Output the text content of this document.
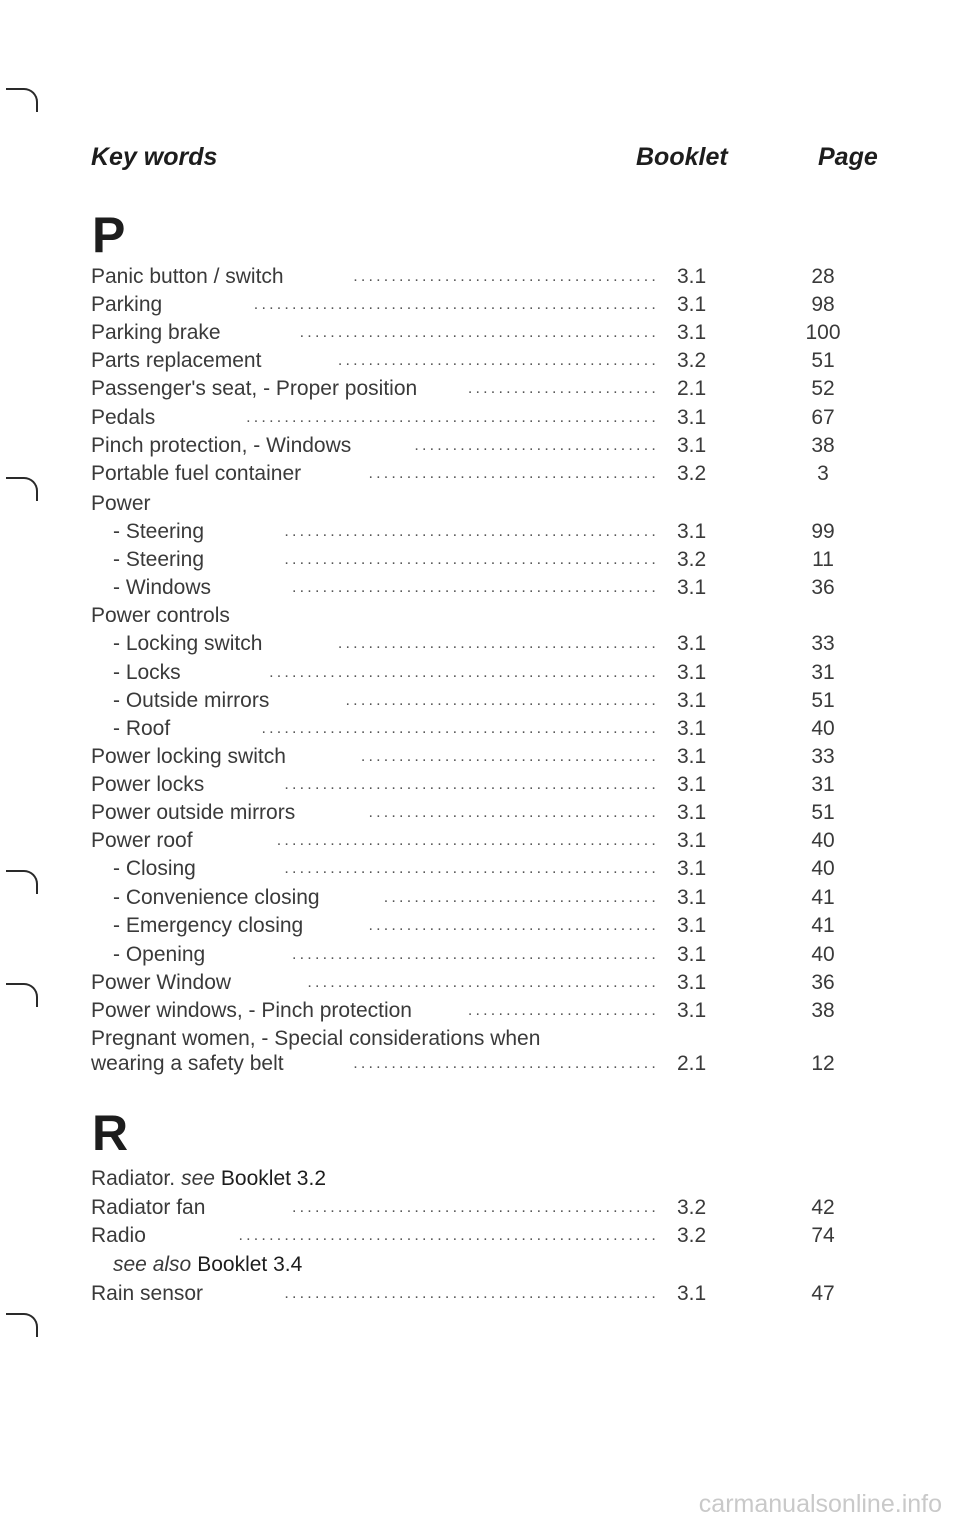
Key words	Booklet	Page
P
Panic button / switch	........................................ 3.1	28
Parking	..................................................... 3.1	98
Parking brake	............................................... 3.1	100
Parts replacement	.......................................... 3.2	51
Passenger's seat, - Proper position	......................... 2.1	52
Pedals	...................................................... 3.1	67
Pinch protection, - Windows	................................ 3.1	38
Portable fuel container	...................................... 3.2	3
Power
- Steering	................................................. 3.1	99
- Steering	................................................. 3.2	11
- Windows	................................................ 3.1	36
Power controls
- Locking switch	.......................................... 3.1	33
- Locks	................................................... 3.1	31
- Outside mirrors	......................................... 3.1	51
- Roof	.................................................... 3.1	40
Power locking switch	....................................... 3.1	33
Power locks	................................................. 3.1	31
Power outside mirrors	...................................... 3.1	51
Power roof	.................................................. 3.1	40
- Closing	................................................. 3.1	40
- Convenience closing	.................................... 3.1	41
- Emergency closing	...................................... 3.1	41
- Opening	................................................ 3.1	40
Power Window	.............................................. 3.1	36
Power windows, - Pinch protection	......................... 3.1	38
Pregnant women, - Special considerations when
wearing a safety belt	........................................ 2.1	12
R
Radiator. see Booklet 3.2
Radiator fan	................................................ 3.2	42
Radio	....................................................... 3.2	74
see also Booklet 3.4
Rain sensor	................................................. 3.1	47
carmanualsonline.info
